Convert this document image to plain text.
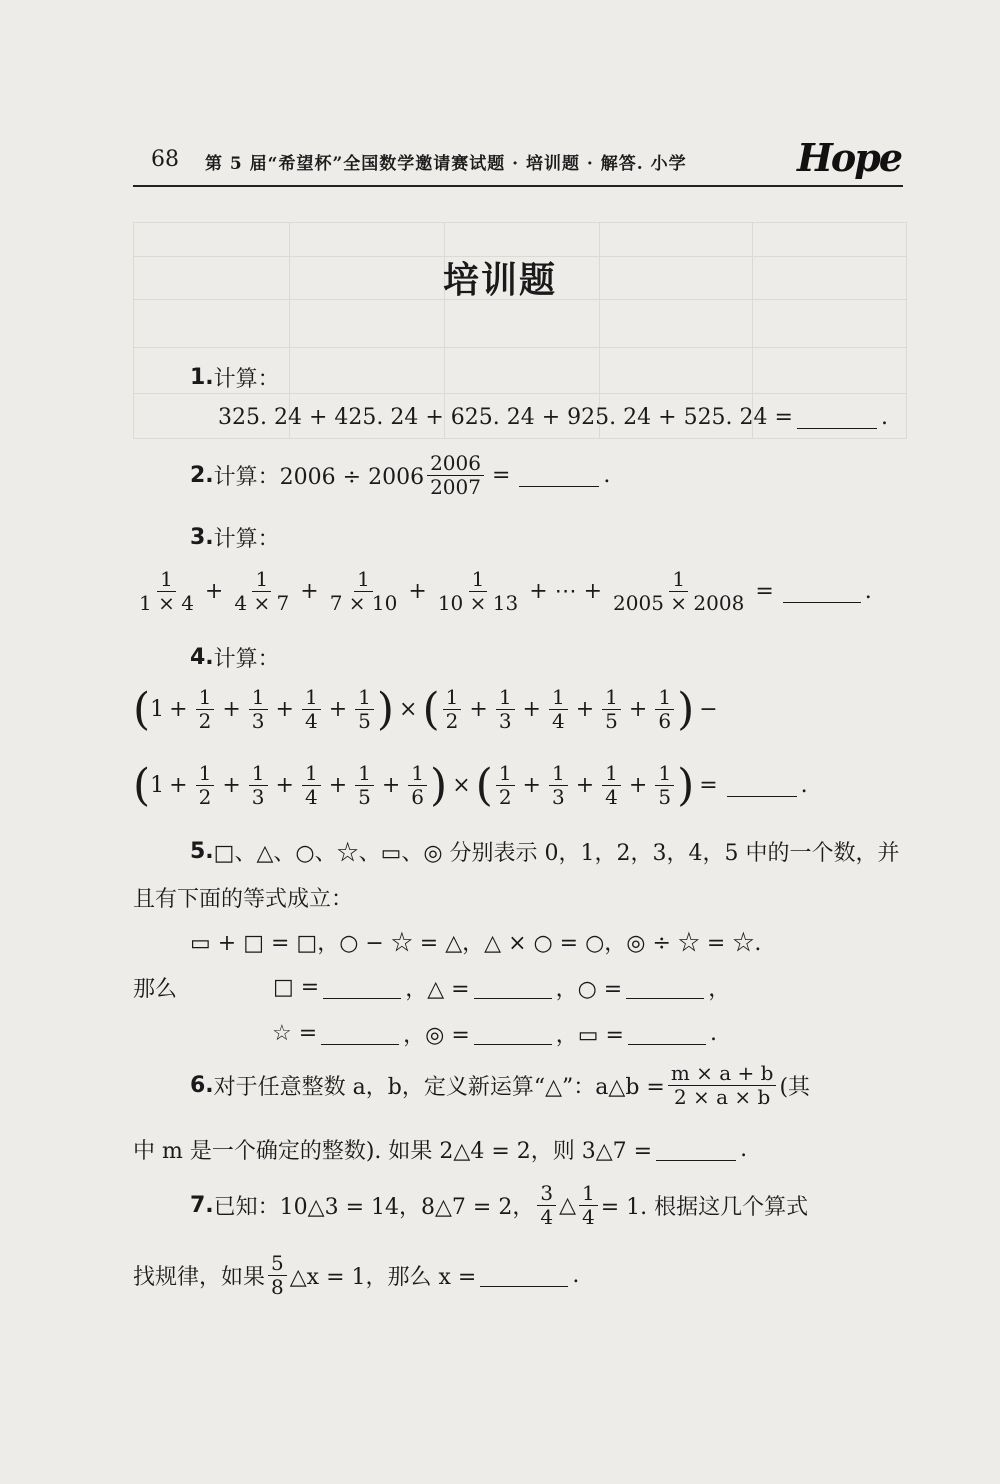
68 第 5 届“希望杯”全国数学邀请赛试题 · 培训题 · 解答. 小学	Hope
培训题
1. 计算：
325. 24 + 425. 24 + 625. 24 + 925. 24 + 525. 24 =	.
2. 计算：$2006 \div 2006 \frac{2006}{2007}$ =	.
3. 计算：
$\frac{1}{1 \times 4} + \frac{1}{4 \times 7} + \frac{1}{7 \times 10} + \frac{1}{10 \times 13}$ + ⋯ + $\frac{1}{2005 \times 2008}$ =	.
4. 计算：
( $1 + \frac{1}{2} + \frac{1}{3} + \frac{1}{4} + \frac{1}{5}$ ) × ( $\frac{1}{2} + \frac{1}{3} + \frac{1}{4} + \frac{1}{5} + \frac{1}{6}$ ) −
( $1 + \frac{1}{2} + \frac{1}{3} + \frac{1}{4} + \frac{1}{5} + \frac{1}{6}$ ) × ( $\frac{1}{2} + \frac{1}{3} + \frac{1}{4} + \frac{1}{5}$ ) =	.
5. □、△、○、☆、▭、◎ 分别表示 0，1，2，3，4，5 中的一个数，并
且有下面的等式成立：
▭ + □ = □，○ − ☆ = △，△ × ○ = ○，◎ ÷ ☆ = ☆.
那么	□ =	，△ =	，○ =	，
☆ =	，◎ =	，▭ =	.
6. 对于任意整数 a，b，定义新运算“△”：a△b = $\frac{m \times a + b}{2 \times a \times b}$ (其
中 m 是一个确定的整数). 如果 2△4 = 2，则 3△7 =	.
7. 已知：10△3 = 14，8△7 = 2， $\frac{3}{4}$ △ $\frac{1}{4} = 1$. 根据这几个算式
找规律，如果 $\frac{5}{8}$ △x = 1，那么 x =	.
